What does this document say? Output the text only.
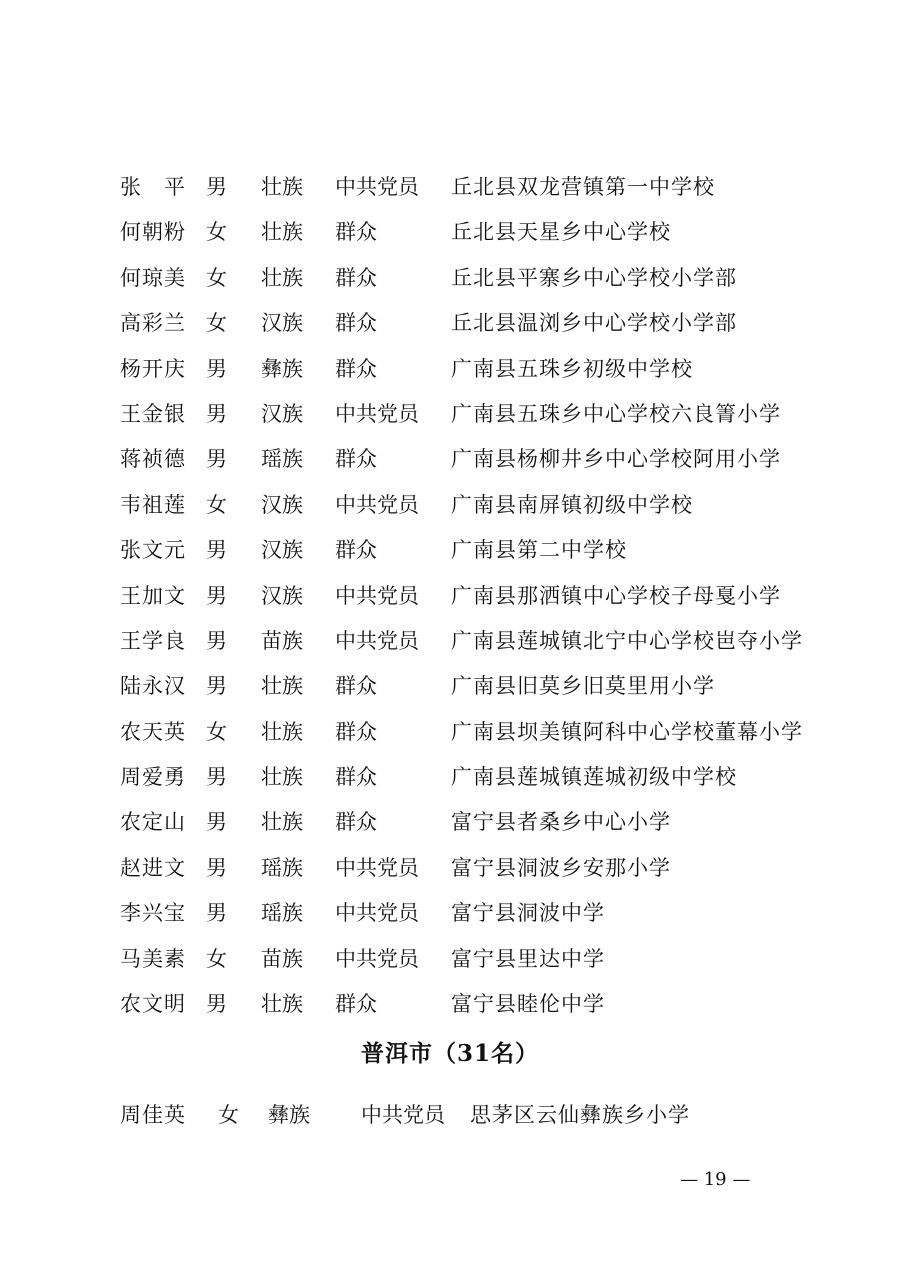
张　平 男 壮族 中共党员 丘北县双龙营镇第一中学校
何朝粉 女 壮族 群众	丘北县天星乡中心学校
何琼美 女 壮族 群众	丘北县平寨乡中心学校小学部
高彩兰 女 汉族 群众	丘北县温浏乡中心学校小学部
杨开庆 男 彝族 群众	广南县五珠乡初级中学校
王金银 男 汉族 中共党员 广南县五珠乡中心学校六良箐小学
蒋祯德 男 瑶族 群众	广南县杨柳井乡中心学校阿用小学
韦祖莲 女 汉族 中共党员 广南县南屏镇初级中学校
张文元 男 汉族 群众	广南县第二中学校
王加文 男 汉族 中共党员 广南县那洒镇中心学校子母戛小学
王学良 男 苗族 中共党员 广南县莲城镇北宁中心学校岜夺小学
陆永汉 男 壮族 群众	广南县旧莫乡旧莫里用小学
农天英 女 壮族 群众	广南县坝美镇阿科中心学校董幕小学
周爱勇 男 壮族 群众	广南县莲城镇莲城初级中学校
农定山 男 壮族 群众	富宁县者桑乡中心小学
赵进文 男 瑶族 中共党员 富宁县洞波乡安那小学
李兴宝 男 瑶族 中共党员 富宁县洞波中学
马美素 女 苗族 中共党员 富宁县里达中学
农文明 男 壮族 群众	富宁县睦伦中学
普洱市（31名）
周佳英 女 彝族 中共党员 思茅区云仙彝族乡小学
— 19 —
